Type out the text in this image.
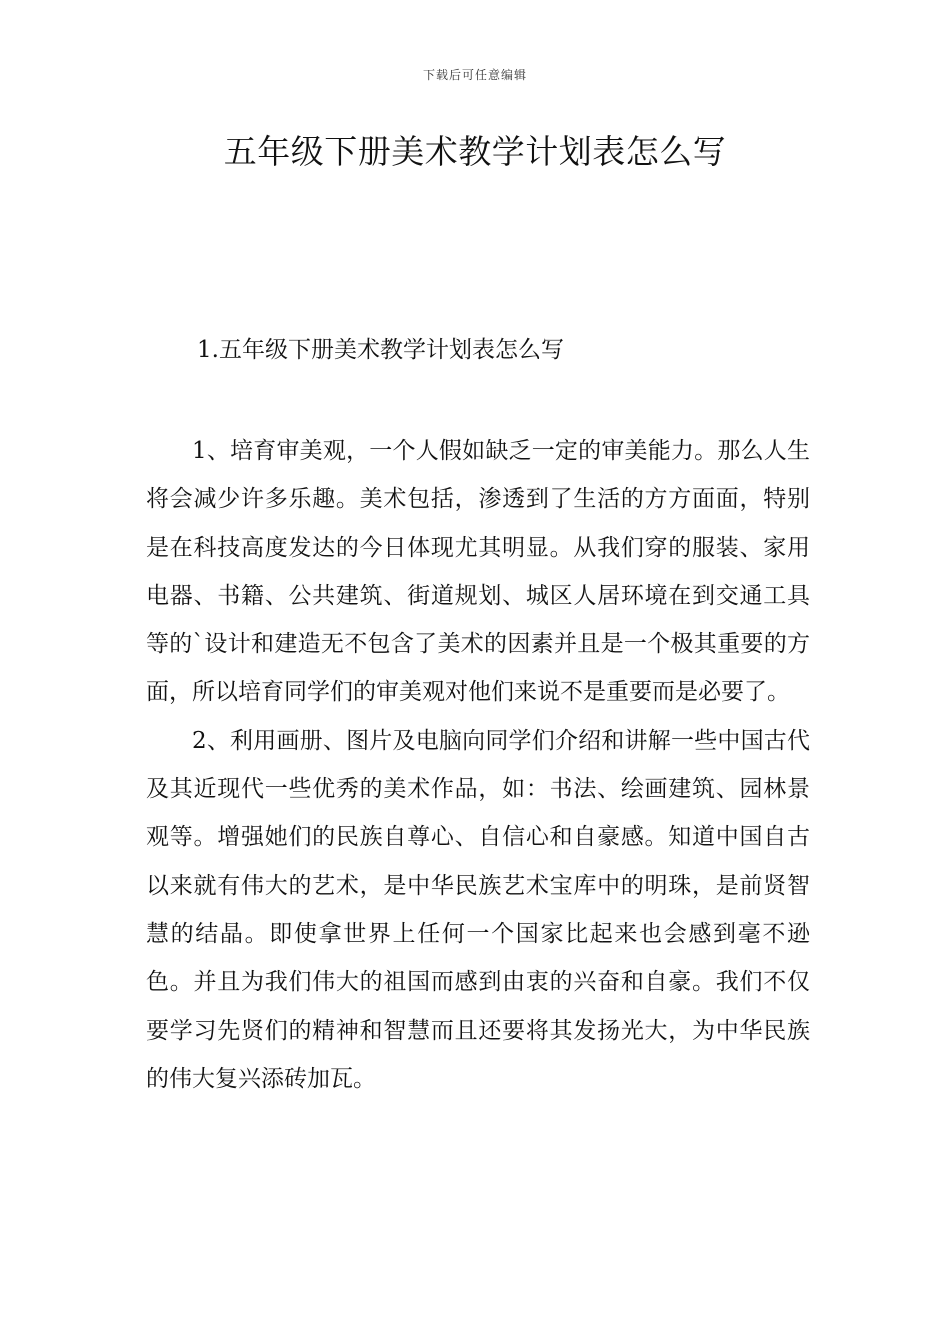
下载后可任意编辑
五年级下册美术教学计划表怎么写
1.五年级下册美术教学计划表怎么写

1、培育审美观，一个人假如缺乏一定的审美能力。那么人生将会减少许多乐趣。美术包括，渗透到了生活的方方面面，特别是在科技高度发达的今日体现尤其明显。从我们穿的服装、家用电器、书籍、公共建筑、街道规划、城区人居环境在到交通工具等的`设计和建造无不包含了美术的因素并且是一个极其重要的方面，所以培育同学们的审美观对他们来说不是重要而是必要了。

2、利用画册、图片及电脑向同学们介绍和讲解一些中国古代及其近现代一些优秀的美术作品，如：书法、绘画建筑、园林景观等。增强她们的民族自尊心、自信心和自豪感。知道中国自古以来就有伟大的艺术，是中华民族艺术宝库中的明珠，是前贤智慧的结晶。即使拿世界上任何一个国家比起来也会感到毫不逊色。并且为我们伟大的祖国而感到由衷的兴奋和自豪。我们不仅要学习先贤们的精神和智慧而且还要将其发扬光大，为中华民族的伟大复兴添砖加瓦。
